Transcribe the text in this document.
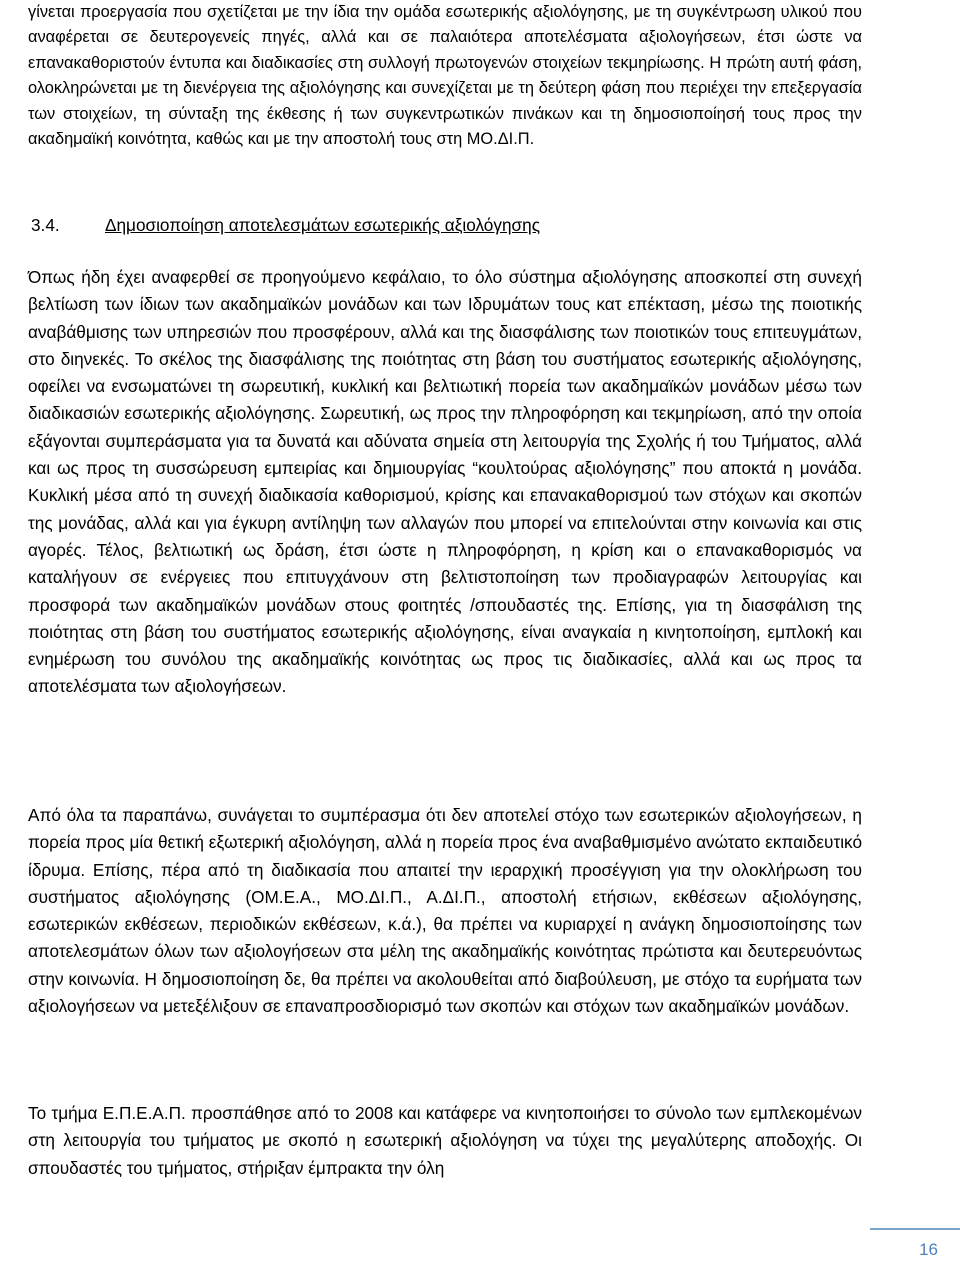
γίνεται προεργασία που σχετίζεται με την ίδια την ομάδα εσωτερικής αξιολόγησης, με τη συγκέντρωση υλικού που αναφέρεται σε δευτερογενείς πηγές, αλλά και σε παλαιότερα αποτελέσματα αξιολογήσεων, έτσι ώστε να επανακαθοριστούν έντυπα και διαδικασίες στη συλλογή πρωτογενών στοιχείων τεκμηρίωσης. Η πρώτη αυτή φάση, ολοκληρώνεται με τη διενέργεια της αξιολόγησης και συνεχίζεται με τη δεύτερη φάση που περιέχει την επεξεργασία των στοιχείων, τη σύνταξη της έκθεσης ή των συγκεντρωτικών πινάκων και τη δημοσιοποίησή τους προς την ακαδημαϊκή κοινότητα, καθώς και με την αποστολή τους στη ΜΟ.ΔΙ.Π.

3.4.	Δημοσιοποίηση αποτελεσμάτων εσωτερικής αξιολόγησης

Όπως ήδη έχει αναφερθεί σε προηγούμενο κεφάλαιο, το όλο σύστημα αξιολόγησης αποσκοπεί στη συνεχή βελτίωση των ίδιων των ακαδημαϊκών μονάδων και των Ιδρυμάτων τους κατ επέκταση, μέσω της ποιοτικής αναβάθμισης των υπηρεσιών που προσφέρουν, αλλά και της διασφάλισης των ποιοτικών τους επιτευγμάτων, στο διηνεκές. Το σκέλος της διασφάλισης της ποιότητας στη βάση του συστήματος εσωτερικής αξιολόγησης, οφείλει να ενσωματώνει τη σωρευτική, κυκλική και βελτιωτική πορεία των ακαδημαϊκών μονάδων μέσω των διαδικασιών εσωτερικής αξιολόγησης. Σωρευτική, ως προς την πληροφόρηση και τεκμηρίωση, από την οποία εξάγονται συμπεράσματα για τα δυνατά και αδύνατα σημεία στη λειτουργία της Σχολής ή του Τμήματος, αλλά και ως προς τη συσσώρευση εμπειρίας και δημιουργίας “κουλτούρας αξιολόγησης” που αποκτά η μονάδα. Κυκλική μέσα από τη συνεχή διαδικασία καθορισμού, κρίσης και επανακαθορισμού των στόχων και σκοπών της μονάδας, αλλά και για έγκυρη αντίληψη των αλλαγών που μπορεί να επιτελούνται στην κοινωνία και στις αγορές. Τέλος, βελτιωτική ως δράση, έτσι ώστε η πληροφόρηση, η κρίση και ο επανακαθορισμός να καταλήγουν σε ενέργειες που επιτυγχάνουν στη βελτιστοποίηση των προδιαγραφών λειτουργίας και προσφορά των ακαδημαϊκών μονάδων στους φοιτητές /σπουδαστές της. Επίσης, για τη διασφάλιση της ποιότητας στη βάση του συστήματος εσωτερικής αξιολόγησης, είναι αναγκαία η κινητοποίηση, εμπλοκή και ενημέρωση του συνόλου της ακαδημαϊκής κοινότητας ως προς τις διαδικασίες, αλλά και ως προς τα αποτελέσματα των αξιολογήσεων.

Από όλα τα παραπάνω, συνάγεται το συμπέρασμα ότι δεν αποτελεί στόχο των εσωτερικών αξιολογήσεων, η πορεία προς μία θετική εξωτερική αξιολόγηση, αλλά η πορεία προς ένα αναβαθμισμένο ανώτατο εκπαιδευτικό ίδρυμα. Επίσης, πέρα από τη διαδικασία που απαιτεί την ιεραρχική προσέγγιση για την ολοκλήρωση του συστήματος αξιολόγησης (ΟΜ.Ε.Α., ΜΟ.ΔΙ.Π., Α.ΔΙ.Π., αποστολή ετήσιων, εκθέσεων αξιολόγησης, εσωτερικών εκθέσεων, περιοδικών εκθέσεων, κ.ά.), θα πρέπει να κυριαρχεί η ανάγκη δημοσιοποίησης των αποτελεσμάτων όλων των αξιολογήσεων στα μέλη της ακαδημαϊκής κοινότητας πρώτιστα και δευτερευόντως στην κοινωνία. Η δημοσιοποίηση δε, θα πρέπει να ακολουθείται από διαβούλευση, με στόχο τα ευρήματα των αξιολογήσεων να μετεξέλιξουν σε επαναπροσδιορισμό των σκοπών και στόχων των ακαδημαϊκών μονάδων.

Το τμήμα Ε.Π.Ε.Α.Π. προσπάθησε από το 2008 και κατάφερε να κινητοποιήσει το σύνολο των εμπλεκομένων στη λειτουργία του τμήματος με σκοπό η εσωτερική αξιολόγηση να τύχει της μεγαλύτερης αποδοχής. Οι σπουδαστές του τμήματος, στήριξαν έμπρακτα την όλη

16
